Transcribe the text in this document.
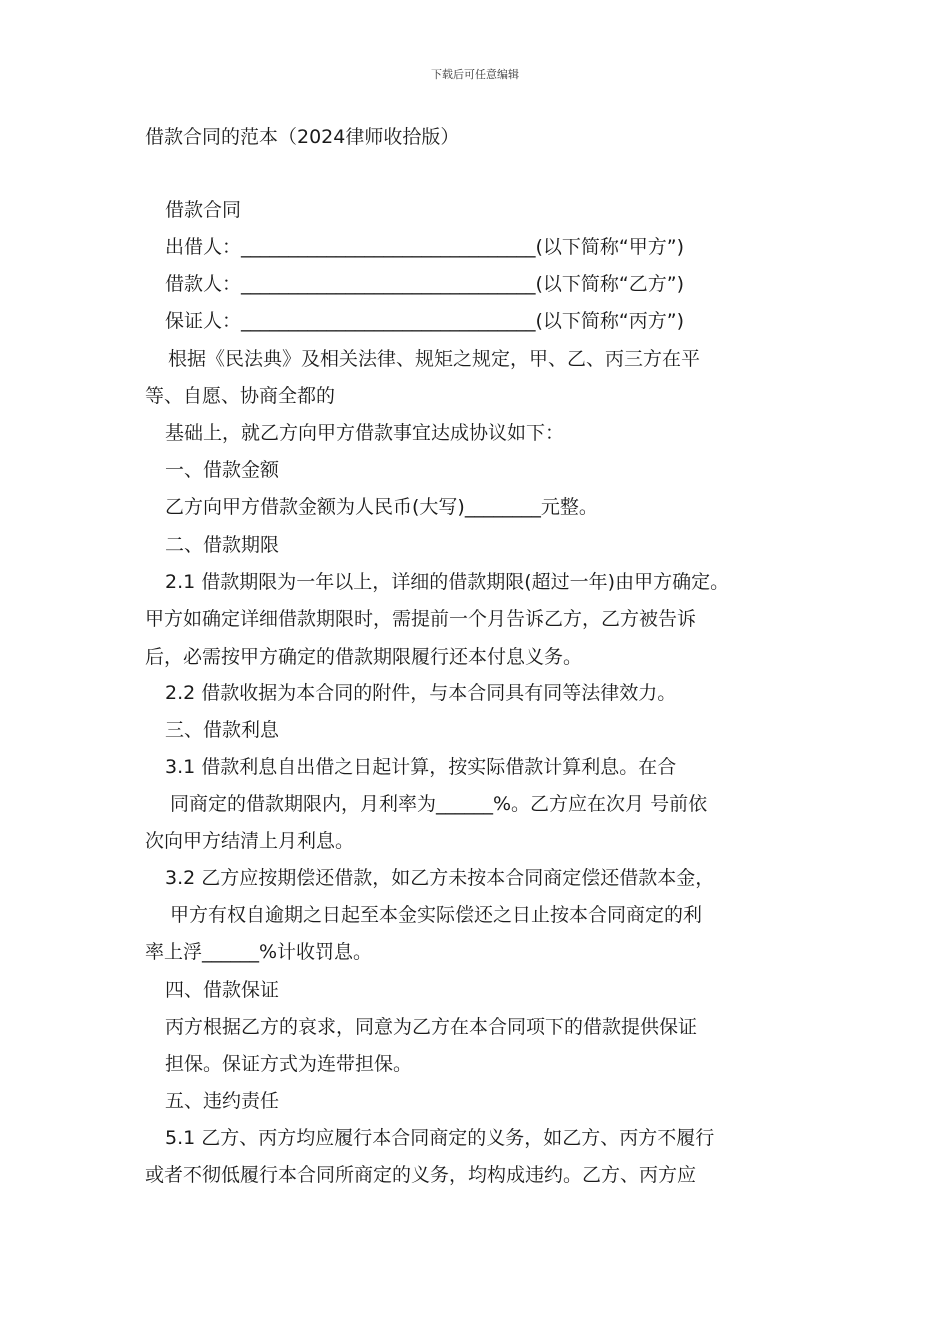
下载后可任意编辑
借款合同的范本（2024律师收拾版）
借款合同
出借人：_______________________________(以下简称“甲方”)
借款人：_______________________________(以下简称“乙方”)
保证人：_______________________________(以下简称“丙方”)
根据《民法典》及相关法律、规矩之规定，甲、乙、丙三方在平
等、自愿、协商全都的
基础上，就乙方向甲方借款事宜达成协议如下：
一、借款金额
乙方向甲方借款金额为人民币(大写)________元整。
二、借款期限
2.1 借款期限为一年以上，详细的借款期限(超过一年)由甲方确定。
甲方如确定详细借款期限时，需提前一个月告诉乙方，乙方被告诉
后，必需按甲方确定的借款期限履行还本付息义务。
2.2 借款收据为本合同的附件，与本合同具有同等法律效力。
三、借款利息
3.1 借款利息自出借之日起计算，按实际借款计算利息。在合
同商定的借款期限内，月利率为______%。乙方应在次月 号前依
次向甲方结清上月利息。
3.2 乙方应按期偿还借款，如乙方未按本合同商定偿还借款本金，
甲方有权自逾期之日起至本金实际偿还之日止按本合同商定的利
率上浮______%计收罚息。
四、借款保证
丙方根据乙方的哀求，同意为乙方在本合同项下的借款提供保证
担保。保证方式为连带担保。
五、违约责任
5.1 乙方、丙方均应履行本合同商定的义务，如乙方、丙方不履行
或者不彻低履行本合同所商定的义务，均构成违约。乙方、丙方应
